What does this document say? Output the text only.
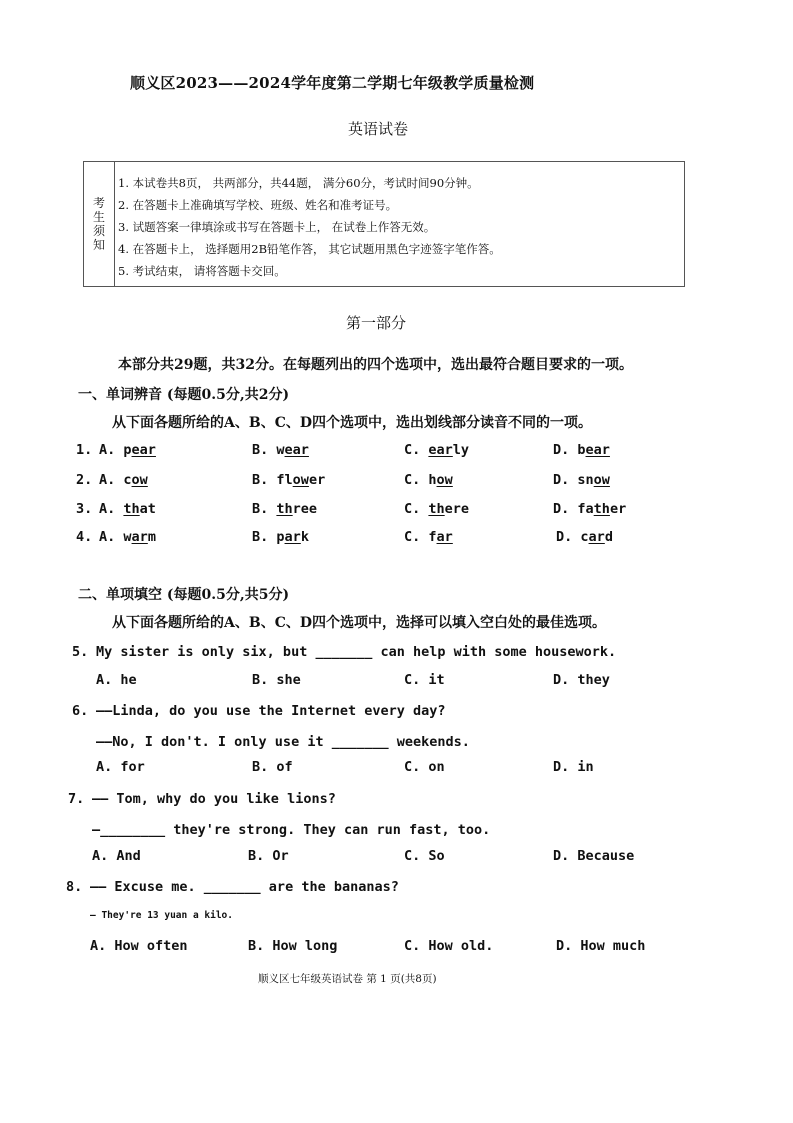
顺义区2023——2024学年度第二学期七年级教学质量检测
英语试卷
考
生
须
知
1. 本试卷共8页， 共两部分，共44题， 满分60分，考试时间90分钟。
2. 在答题卡上准确填写学校、班级、姓名和准考证号。
3. 试题答案一律填涂或书写在答题卡上， 在试卷上作答无效。
4. 在答题卡上， 选择题用2B铅笔作答， 其它试题用黑色字迹签字笔作答。
5. 考试结束， 请将答题卡交回。
第一部分
本部分共29题，共32分。在每题列出的四个选项中，选出最符合题目要求的一项。
一、单词辨音 (每题0.5分,共2分)
从下面各题所给的A、B、C、D四个选项中，选出划线部分读音不同的一项。
1. A. pear	B. wear	C. early	D. bear
2. A. cow	B. flower	C. how	D. snow
3. A. that	B. three	C. there	D. father
4. A. warm	B. park	C. far	D. card
二、单项填空 (每题0.5分,共5分)
从下面各题所给的A、B、C、D四个选项中，选择可以填入空白处的最佳选项。
5. My sister is only six, but _______ can help with some housework.
A. he	B. she	C. it	D. they
6. ——Linda, do you use the Internet every day?
——No, I don't. I only use it _______ weekends.
A. for	B. of	C. on	D. in
7. —— Tom, why do you like lions?
—________ they're strong. They can run fast, too.
A. And	B. Or	C. So	D. Because
8. —— Excuse me. _______ are the bananas?
— They're 13 yuan a kilo.
A. How often	B. How long	C. How old.	D. How much
顺义区七年级英语试卷 第 1 页(共8页)
